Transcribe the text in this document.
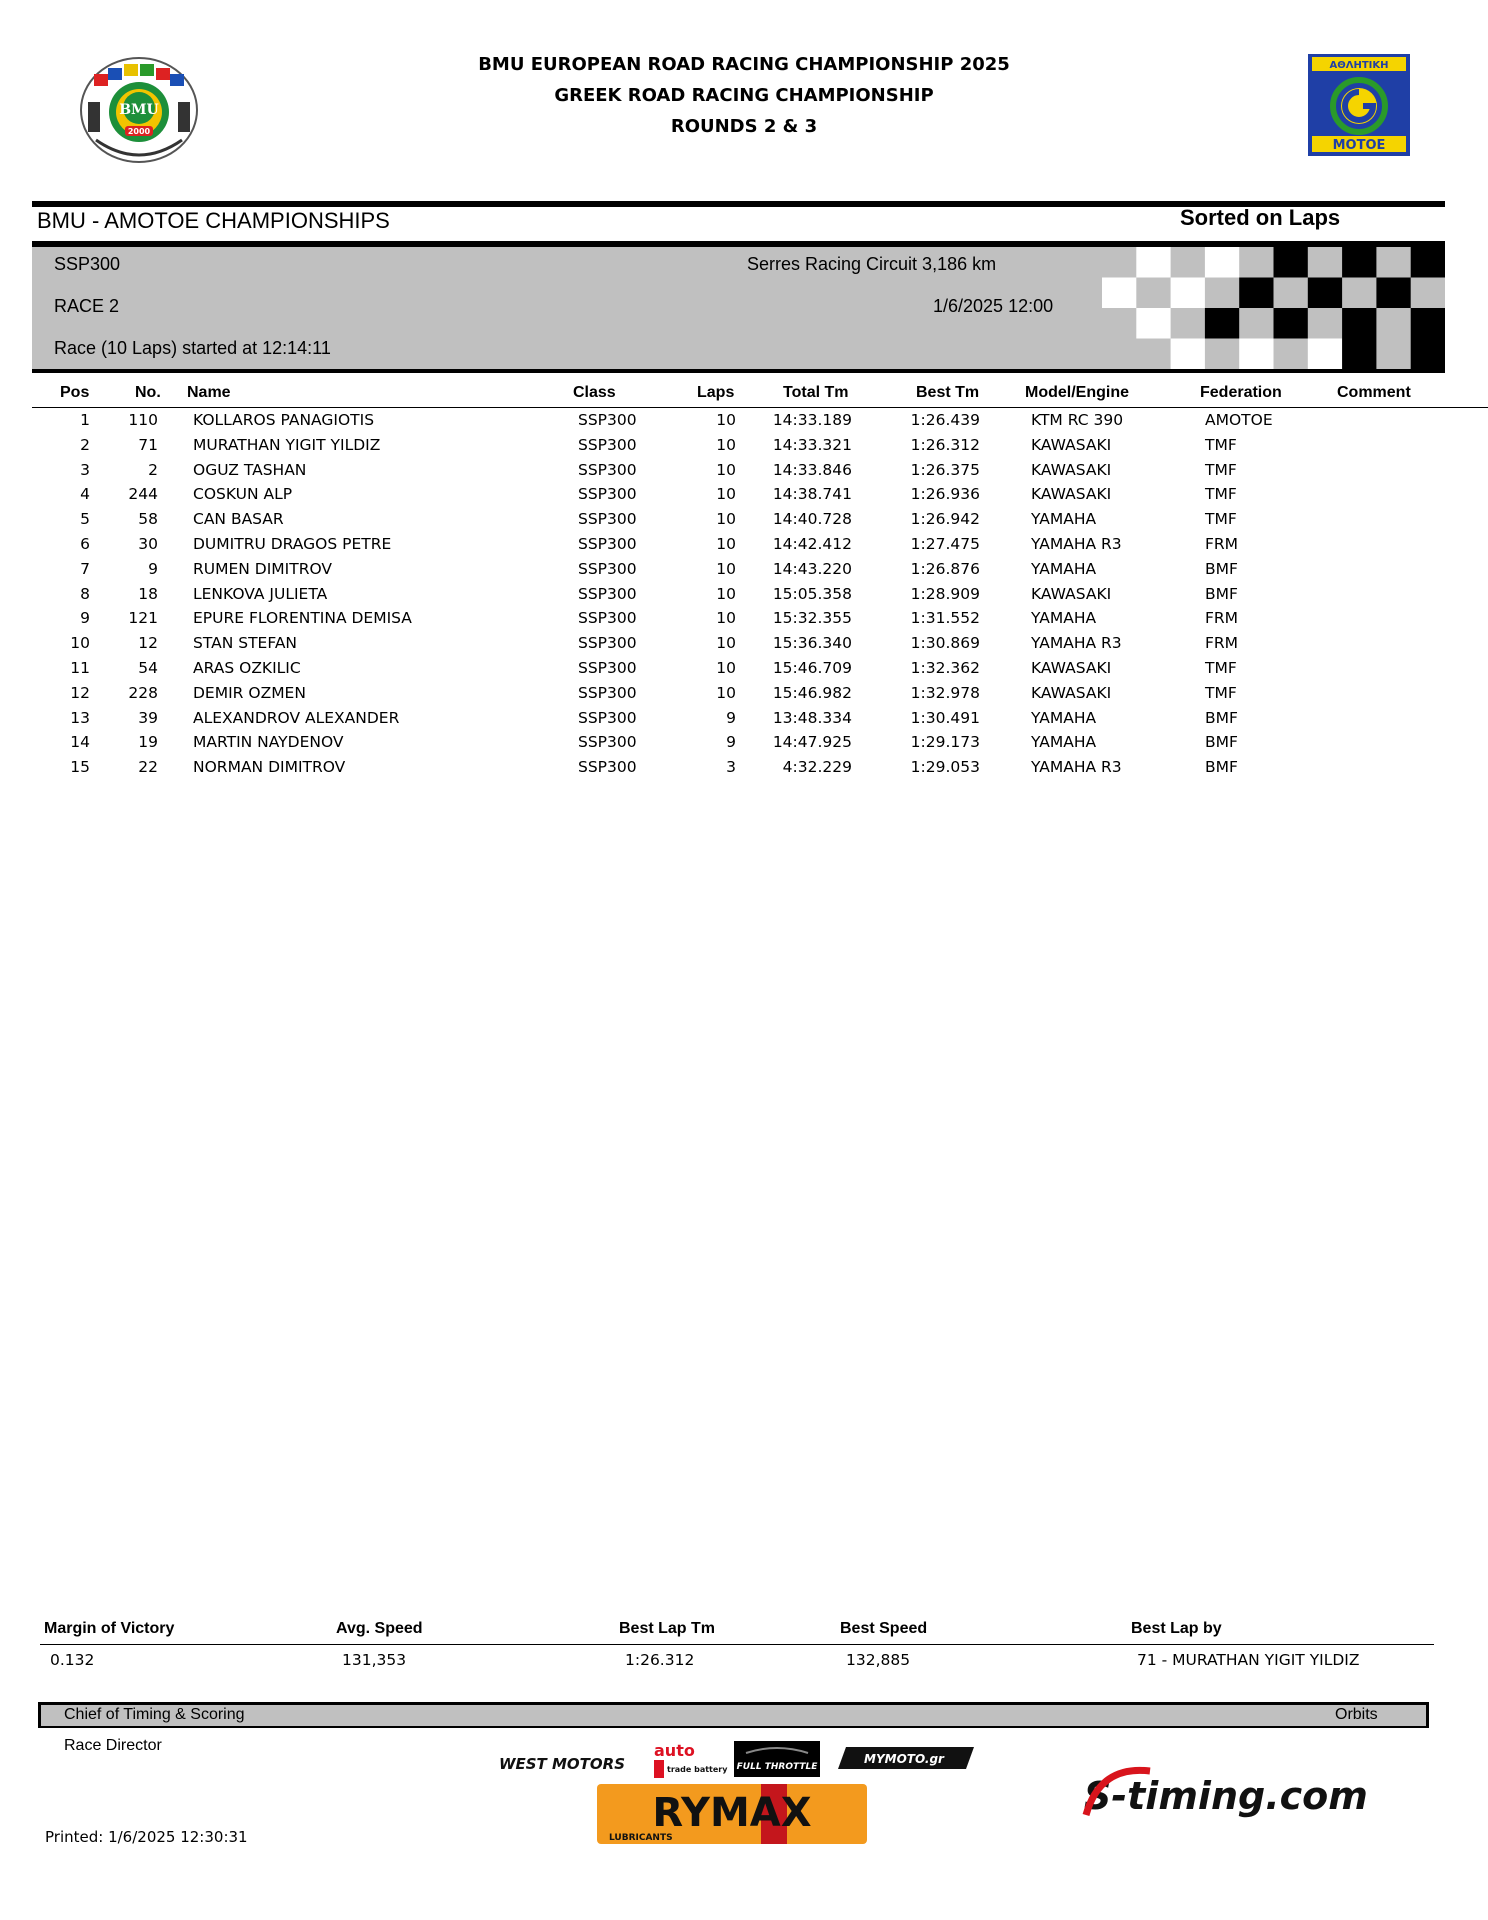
BMU EUROPEAN ROAD RACING CHAMPIONSHIP 2025
GREEK ROAD RACING CHAMPIONSHIP
ROUNDS 2 & 3
BMU
2000
ΑΘΛΗΤΙΚΗ
ΜΟΤΟΕ
BMU - AMOTOE CHAMPIONSHIPS	Sorted on Laps
SSP300
RACE 2
Race (10 Laps) started at 12:14:11
Serres Racing Circuit 3,186 km
1/6/2025 12:00
Pos	No. Name	Class	Laps	Total Tm	Best Tm	Model/Engine	Federation	Comment
1	110 KOLLAROS PANAGIOTIS	SSP300	10	14:33.189	1:26.439	KTM RC 390	AMOTOE
2	71 MURATHAN YIGIT YILDIZ	SSP300	10	14:33.321	1:26.312	KAWASAKI	TMF
3	2 OGUZ TASHAN	SSP300	10	14:33.846	1:26.375	KAWASAKI	TMF
4	244 COSKUN ALP	SSP300	10	14:38.741	1:26.936	KAWASAKI	TMF
5	58 CAN BASAR	SSP300	10	14:40.728	1:26.942	YAMAHA	TMF
6	30 DUMITRU DRAGOS PETRE	SSP300	10	14:42.412	1:27.475	YAMAHA R3	FRM
7	9 RUMEN DIMITROV	SSP300	10	14:43.220	1:26.876	YAMAHA	BMF
8	18 LENKOVA JULIETA	SSP300	10	15:05.358	1:28.909	KAWASAKI	BMF
9	121 EPURE FLORENTINA DEMISA	SSP300	10	15:32.355	1:31.552	YAMAHA	FRM
10	12 STAN STEFAN	SSP300	10	15:36.340	1:30.869	YAMAHA R3	FRM
11	54 ARAS OZKILIC	SSP300	10	15:46.709	1:32.362	KAWASAKI	TMF
12	228 DEMIR OZMEN	SSP300	10	15:46.982	1:32.978	KAWASAKI	TMF
13	39 ALEXANDROV ALEXANDER	SSP300	9	13:48.334	1:30.491	YAMAHA	BMF
14	19 MARTIN NAYDENOV	SSP300	9	14:47.925	1:29.173	YAMAHA	BMF
15	22 NORMAN DIMITROV	SSP300	3	4:32.229	1:29.053	YAMAHA R3	BMF
Margin of Victory	Avg. Speed	Best Lap Tm	Best Speed	Best Lap by
0.132	131,353	1:26.312	132,885	71 - MURATHAN YIGIT YILDIZ
Chief of Timing & Scoring	Orbits
Race Director
Printed: 1/6/2025 12:30:31
WEST MOTORS
auto
trade battery FULL THROTTLE
MYMOTO.gr
RYMAX
LUBRICANTS
S-timing.com
